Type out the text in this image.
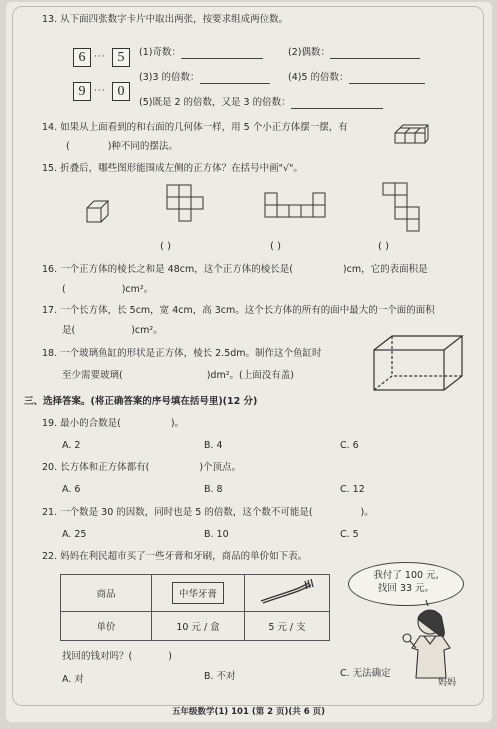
13. 从下面四张数字卡片中取出两张，按要求组成两位数。
6 ··· 5
9 ··· 0
(1)奇数：	(2)偶数：
(3)3 的倍数：	(4)5 的倍数：
(5)既是 2 的倍数，又是 3 的倍数：
14. 如果从上面看到的和右面的几何体一样，用 5 个小正方体摆一摆，有
(	)种不同的摆法。
15. 折叠后，哪些图形能围成左侧的正方体？在括号中画"√"。
( )	( )	( )
16. 一个正方体的棱长之和是 48cm，这个正方体的棱长是(	)cm，它的表面积是
(	)cm²。
17. 一个长方体，长 5cm，宽 4cm，高 3cm。这个长方体的所有的面中最大的一个面的面积
是(	)cm²。
18. 一个玻璃鱼缸的形状是正方体，棱长 2.5dm。制作这个鱼缸时
至少需要玻璃(	)dm²。(上面没有盖)
三、选择答案。(将正确答案的序号填在括号里)(12 分)
19. 最小的合数是(	)。
A. 2	B. 4	C. 6
20. 长方体和正方体都有(	)个顶点。
A. 6	B. 8	C. 12
21. 一个数是 30 的因数，同时也是 5 的倍数，这个数不可能是(	)。
A. 25	B. 10	C. 5
22. 妈妈在利民超市买了一些牙膏和牙刷，商品的单价如下表。
商品	中华牙膏	
单价	10 元 / 盒	5 元 / 支
我付了 100 元,
找回 33 元。
妈妈
找回的钱对吗？(	)
A. 对	B. 不对	C. 无法确定
五年级数学(1) 101 (第 2 页)(共 6 页)
